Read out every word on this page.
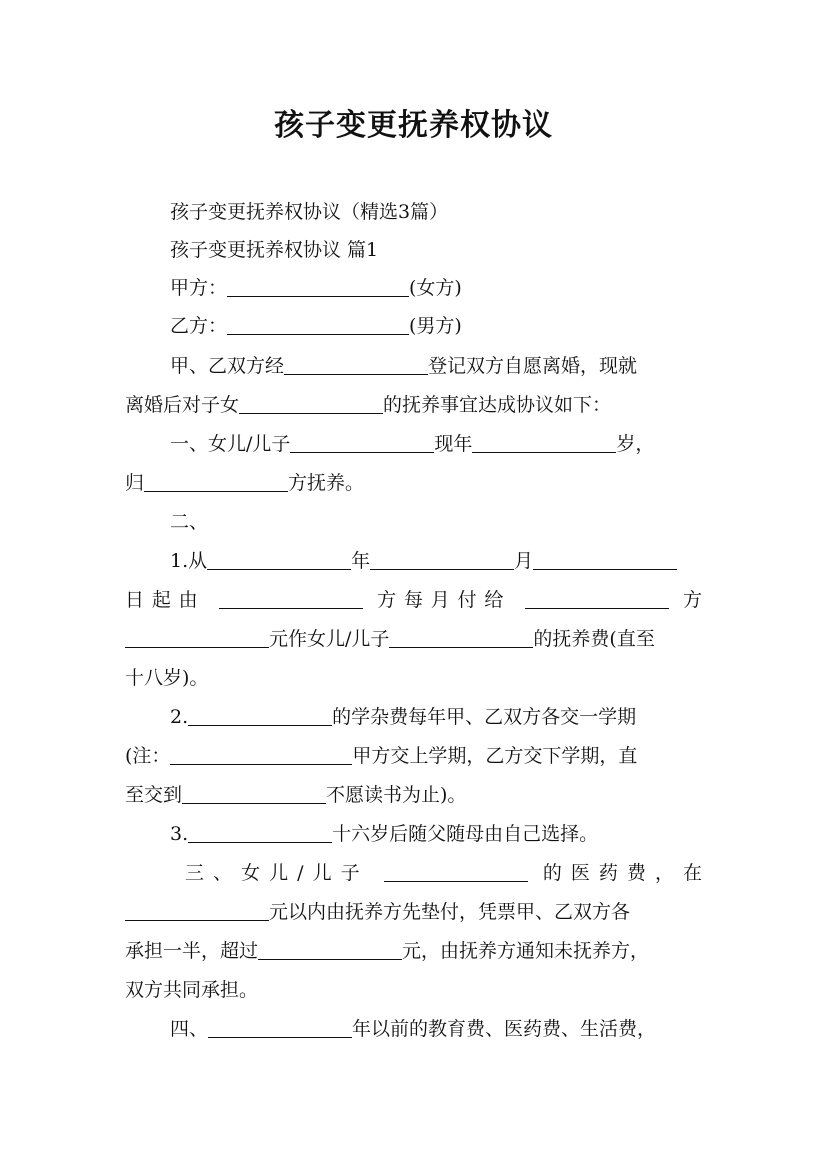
孩子变更抚养权协议
孩子变更抚养权协议（精选3篇）
孩子变更抚养权协议 篇1
甲方：	(女方)
乙方：	(男方)
甲、乙双方经	登记双方自愿离婚，现就
离婚后对子女	的抚养事宜达成协议如下：
一、女儿/儿子	现年	岁，
归	方抚养。
二、
1.从	年	月
日起由	方每月付给	方
元作女儿/儿子	的抚养费(直至
十八岁)。
2.	的学杂费每年甲、乙双方各交一学期
(注：	甲方交上学期，乙方交下学期，直
至交到	不愿读书为止)。
3.	十六岁后随父随母由自己选择。
三、女儿/儿子	的医药费，在
元以内由抚养方先垫付，凭票甲、乙双方各
承担一半，超过	元，由抚养方通知未抚养方，
双方共同承担。
四、	年以前的教育费、医药费、生活费，
